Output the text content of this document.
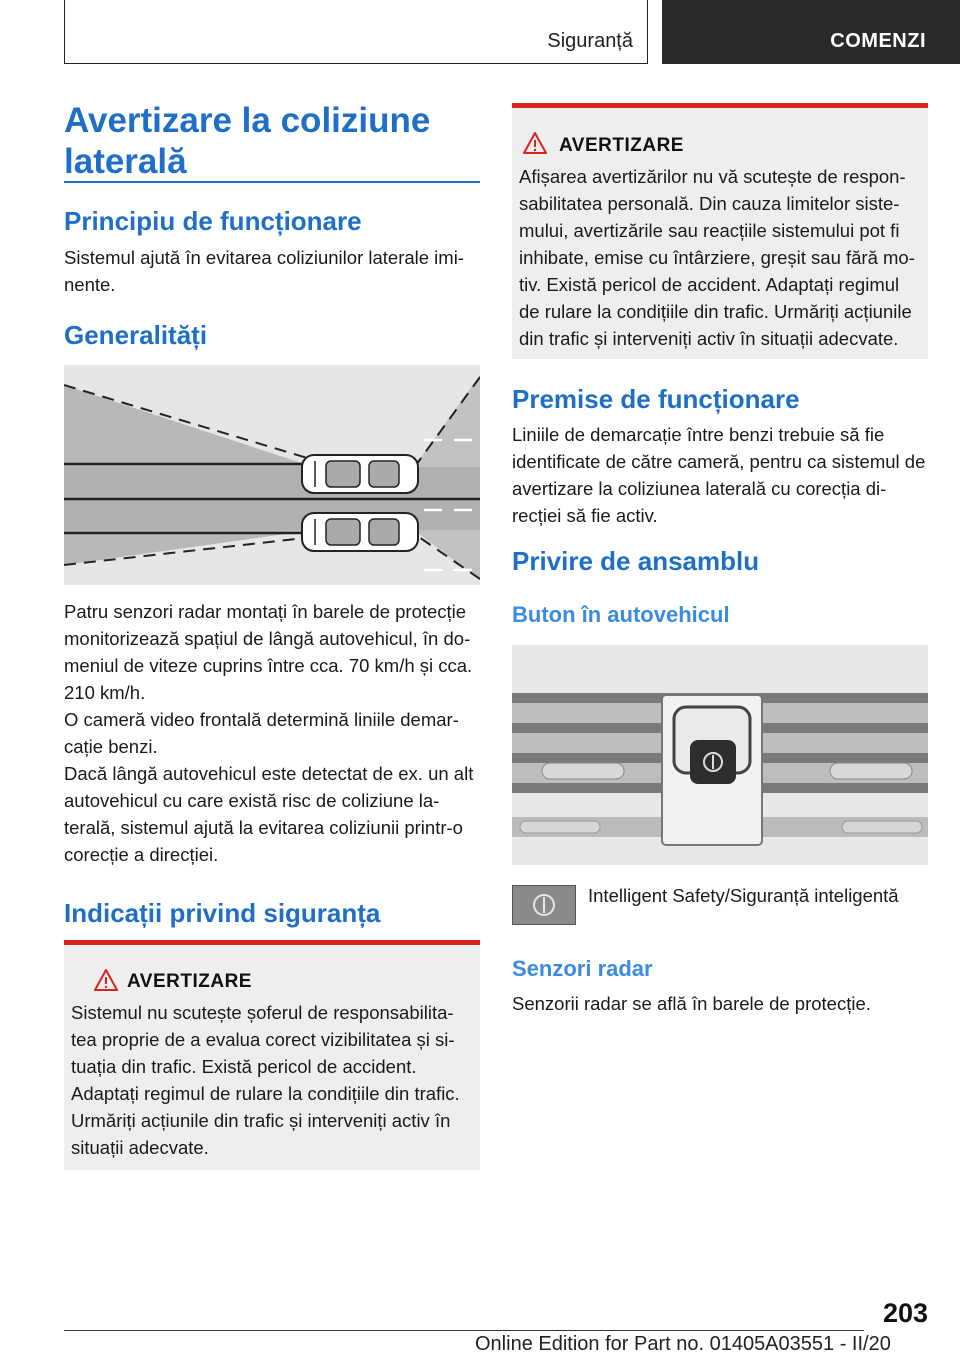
Siguranță	COMENZI
Avertizare la coliziune laterală
Principiu de funcționare

Sistemul ajută în evitarea coliziunilor laterale imi-nente.

Generalități

Patru senzori radar montați în barele de protecție monitorizează spațiul de lângă autovehicul, în do-meniul de viteze cuprins între cca. 70 km/h și cca. 210 km/h.

O cameră video frontală determină liniile demar-cație benzi.

Dacă lângă autovehicul este detectat de ex. un alt autovehicul cu care există risc de coliziune la-terală, sistemul ajută la evitarea coliziunii printr-o corecție a direcției.

Indicații privind siguranța
AVERTIZARE

Sistemul nu scutește șoferul de responsabilita-tea proprie de a evalua corect vizibilitatea și si-tuația din trafic. Există pericol de accident. Adaptați regimul de rulare la condițiile din trafic. Urmăriți acțiunile din trafic și interveniți activ în situații adecvate.

AVERTIZARE

Afișarea avertizărilor nu vă scutește de respon-sabilitatea personală. Din cauza limitelor siste-mului, avertizările sau reacțiile sistemului pot fi inhibate, emise cu întârziere, greșit sau fără mo-tiv. Există pericol de accident. Adaptați regimul de rulare la condițiile din trafic. Urmăriți acțiunile din trafic și interveniți activ în situații adecvate.

Premise de funcționare

Liniile de demarcație între benzi trebuie să fie identificate de către cameră, pentru ca sistemul de avertizare la coliziunea laterală cu corecția di-recției să fie activ.

Privire de ansamblu
Buton în autovehicul

Intelligent Safety/Siguranță inteligentă

Senzori radar

Senzorii radar se află în barele de protecție.

203
Online Edition for Part no. 01405A03551 - II/20
